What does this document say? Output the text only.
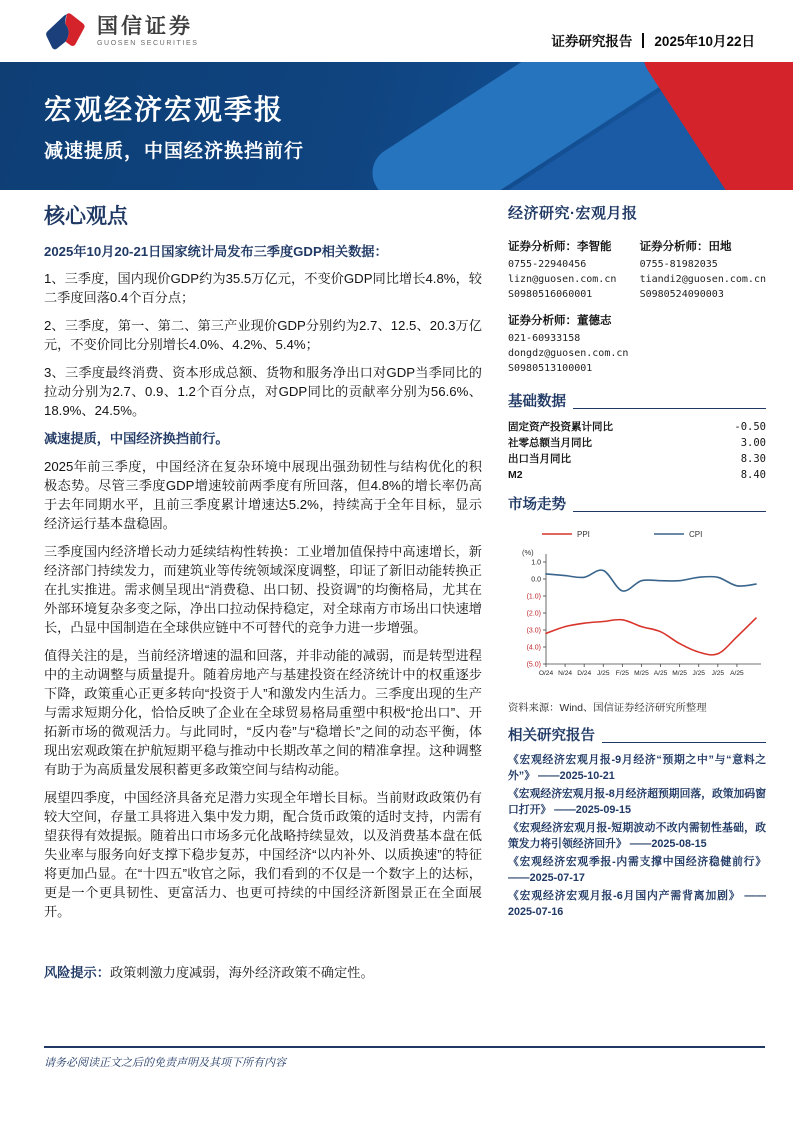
国信证券
GUOSEN SECURITIES	证券研究报告 2025年10月22日
宏观经济宏观季报
减速提质，中国经济换挡前行
核心观点

2025年10月20-21日国家统计局发布三季度GDP相关数据：

1、三季度，国内现价GDP约为35.5万亿元，不变价GDP同比增长4.8%，较二季度回落0.4个百分点；

2、三季度，第一、第二、第三产业现价GDP分别约为2.7、12.5、20.3万亿元，不变价同比分别增长4.0%、4.2%、5.4%；

3、三季度最终消费、资本形成总额、货物和服务净出口对GDP当季同比的拉动分别为2.7、0.9、1.2个百分点，对GDP同比的贡献率分别为56.6%、18.9%、24.5%。

减速提质，中国经济换挡前行。

2025年前三季度，中国经济在复杂环境中展现出强劲韧性与结构优化的积极态势。尽管三季度GDP增速较前两季度有所回落，但4.8%的增长率仍高于去年同期水平，且前三季度累计增速达5.2%，持续高于全年目标，显示经济运行基本盘稳固。

三季度国内经济增长动力延续结构性转换：工业增加值保持中高速增长，新经济部门持续发力，而建筑业等传统领域深度调整，印证了新旧动能转换正在扎实推进。需求侧呈现出“消费稳、出口韧、投资调”的均衡格局，尤其在外部环境复杂多变之际，净出口拉动保持稳定，对全球南方市场出口快速增长，凸显中国制造在全球供应链中不可替代的竞争力进一步增强。

值得关注的是，当前经济增速的温和回落，并非动能的减弱，而是转型进程中的主动调整与质量提升。随着房地产与基建投资在经济统计中的权重逐步下降，政策重心正更多转向“投资于人”和激发内生活力。三季度出现的生产与需求短期分化，恰恰反映了企业在全球贸易格局重塑中积极“抢出口”、开拓新市场的微观活力。与此同时，“反内卷”与“稳增长”之间的动态平衡，体现出宏观政策在护航短期平稳与推动中长期改革之间的精准拿捏。这种调整有助于为高质量发展积蓄更多政策空间与结构动能。

展望四季度，中国经济具备充足潜力实现全年增长目标。当前财政政策仍有较大空间，存量工具将进入集中发力期，配合货币政策的适时支持，内需有望获得有效提振。随着出口市场多元化战略持续显效，以及消费基本盘在低失业率与服务向好支撑下稳步复苏，中国经济“以内补外、以质换速”的特征将更加凸显。在“十四五”收官之际，我们看到的不仅是一个数字上的达标，更是一个更具韧性、更富活力、也更可持续的中国经济新图景正在全面展开。

风险提示：政策刺激力度减弱，海外经济政策不确定性。

经济研究·宏观月报
证券分析师：李智能
0755-22940456
lizn@guosen.com.cn
S0980516060001
证券分析师：田地
0755-81982035
tiandi2@guosen.com.cn
S0980524090003
证券分析师：董德志
021-60933158
dongdz@guosen.com.cn
S0980513100001
基础数据
固定资产投资累计同比	-0.50
社零总额当月同比	3.00
出口当月同比	8.30
M2	8.40
市场走势
PPI	CPI
(%)
1.0
0.0
(1.0)
(2.0)
(3.0)
(4.0)
(5.0)
O/24 N/24 D/24 J/25 F/25 M/25 A/25 M/25 J/25 J/25 A/25
资料来源：Wind、国信证券经济研究所整理
相关研究报告
《宏观经济宏观月报-9月经济“预期之中”与“意料之外”》 ——2025-10-21
《宏观经济宏观月报-8月经济超预期回落，政策加码窗口打开》 ——2025-09-15
《宏观经济宏观月报-短期波动不改内需韧性基础，政策发力将引领经济回升》 ——2025-08-15
《宏观经济宏观季报-内需支撑中国经济稳健前行》 ——2025-07-17
《宏观经济宏观月报-6月国内产需背离加剧》 ——2025-07-16
请务必阅读正文之后的免责声明及其项下所有内容
